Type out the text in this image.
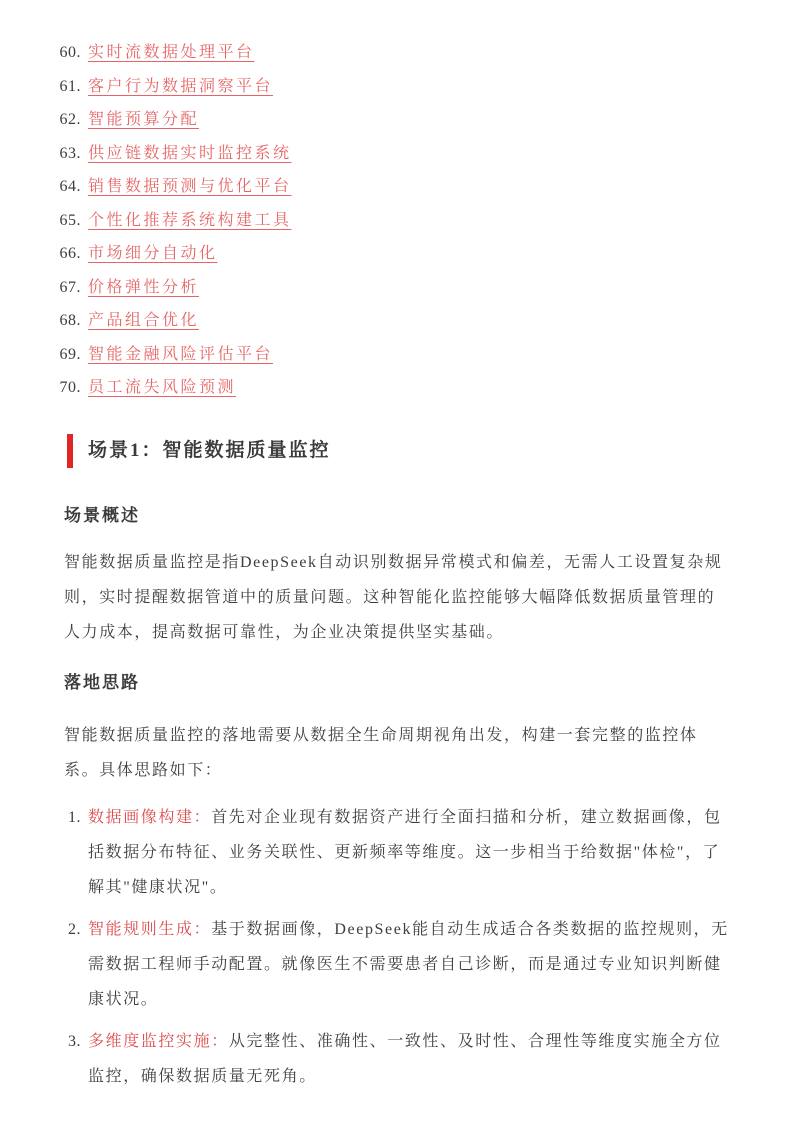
60. 实时流数据处理平台
61. 客户行为数据洞察平台
62. 智能预算分配
63. 供应链数据实时监控系统
64. 销售数据预测与优化平台
65. 个性化推荐系统构建工具
66. 市场细分自动化
67. 价格弹性分析
68. 产品组合优化
69. 智能金融风险评估平台
70. 员工流失风险预测
场景1：智能数据质量监控
场景概述

智能数据质量监控是指DeepSeek自动识别数据异常模式和偏差，无需人工设置复杂规则，实时提醒数据管道中的质量问题。这种智能化监控能够大幅降低数据质量管理的人力成本，提高数据可靠性，为企业决策提供坚实基础。

落地思路

智能数据质量监控的落地需要从数据全生命周期视角出发，构建一套完整的监控体系。具体思路如下：

1. 数据画像构建：首先对企业现有数据资产进行全面扫描和分析，建立数据画像，包括数据分布特征、业务关联性、更新频率等维度。这一步相当于给数据"体检"，了解其"健康状况"。
2. 智能规则生成：基于数据画像，DeepSeek能自动生成适合各类数据的监控规则，无需数据工程师手动配置。就像医生不需要患者自己诊断，而是通过专业知识判断健康状况。
3. 多维度监控实施：从完整性、准确性、一致性、及时性、合理性等维度实施全方位监控，确保数据质量无死角。
